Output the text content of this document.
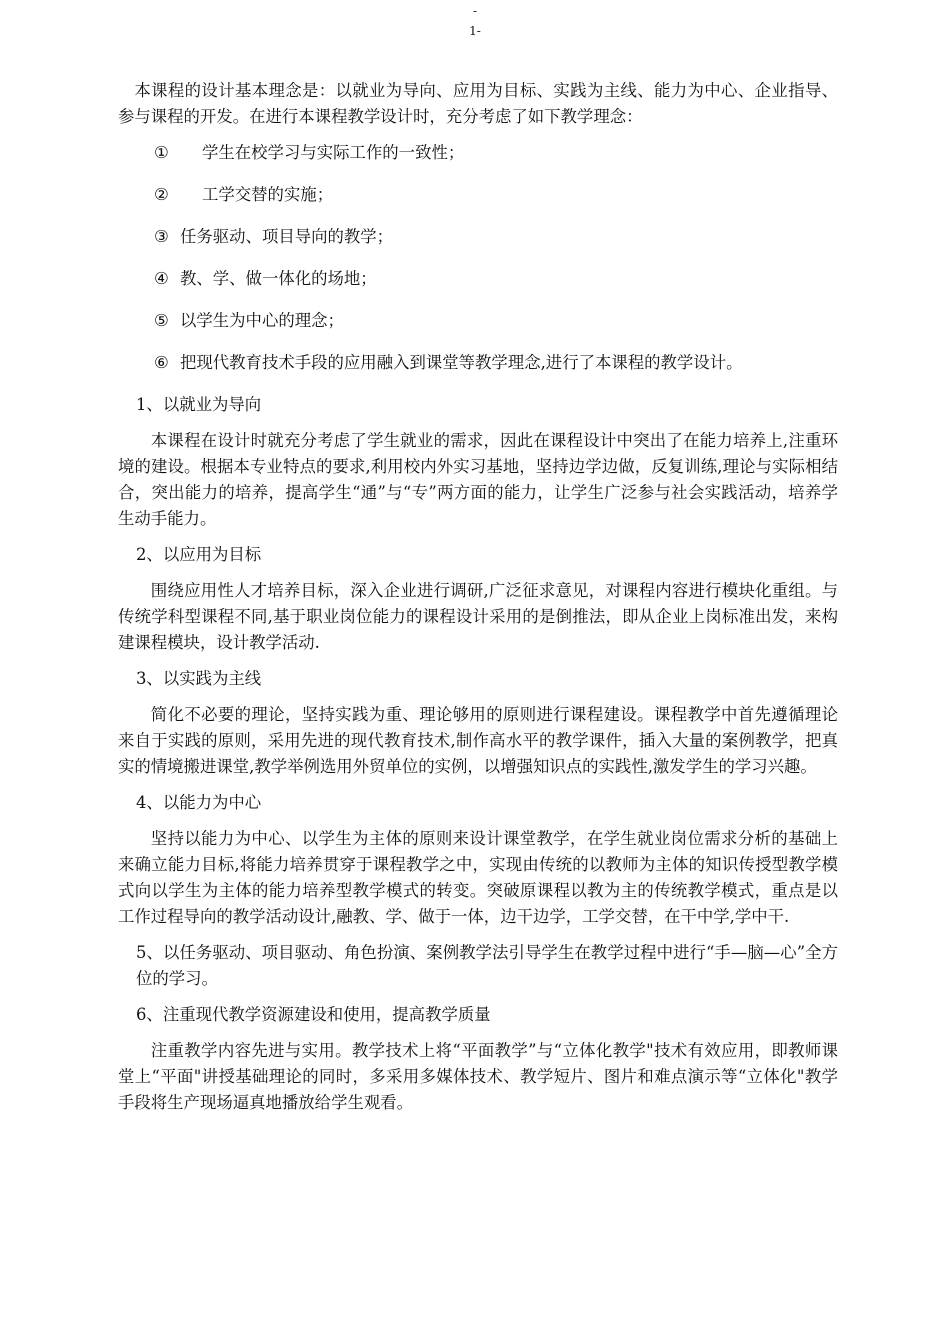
-
1-

本课程的设计基本理念是：以就业为导向、应用为目标、实践为主线、能力为中心、企业指导、参与课程的开发。在进行本课程教学设计时，充分考虑了如下教学理念：

① 学生在校学习与实际工作的一致性；
② 工学交替的实施；
③ 任务驱动、项目导向的教学；
④ 教、学、做一体化的场地；
⑤ 以学生为中心的理念；
⑥ 把现代教育技术手段的应用融入到课堂等教学理念,进行了本课程的教学设计。
1、以就业为导向

本课程在设计时就充分考虑了学生就业的需求，因此在课程设计中突出了在能力培养上,注重环境的建设。根据本专业特点的要求,利用校内外实习基地，坚持边学边做，反复训练,理论与实际相结合，突出能力的培养，提高学生“通”与“专”两方面的能力，让学生广泛参与社会实践活动，培养学生动手能力。

2、以应用为目标

围绕应用性人才培养目标，深入企业进行调研,广泛征求意见，对课程内容进行模块化重组。与传统学科型课程不同,基于职业岗位能力的课程设计采用的是倒推法，即从企业上岗标准出发，来构建课程模块，设计教学活动.

3、以实践为主线

简化不必要的理论，坚持实践为重、理论够用的原则进行课程建设。课程教学中首先遵循理论来自于实践的原则，采用先进的现代教育技术,制作高水平的教学课件，插入大量的案例教学，把真实的情境搬进课堂,教学举例选用外贸单位的实例，以增强知识点的实践性,激发学生的学习兴趣。

4、以能力为中心

坚持以能力为中心、以学生为主体的原则来设计课堂教学，在学生就业岗位需求分析的基础上来确立能力目标,将能力培养贯穿于课程教学之中，实现由传统的以教师为主体的知识传授型教学模式向以学生为主体的能力培养型教学模式的转变。突破原课程以教为主的传统教学模式，重点是以工作过程导向的教学活动设计,融教、学、做于一体，边干边学，工学交替，在干中学,学中干.

5、以任务驱动、项目驱动、角色扮演、案例教学法引导学生在教学过程中进行“手—脑—心”全方位的学习。
6、注重现代教学资源建设和使用，提高教学质量

注重教学内容先进与实用。教学技术上将“平面教学”与“立体化教学"技术有效应用，即教师课堂上“平面"讲授基础理论的同时，多采用多媒体技术、教学短片、图片和难点演示等“立体化"教学手段将生产现场逼真地播放给学生观看。
